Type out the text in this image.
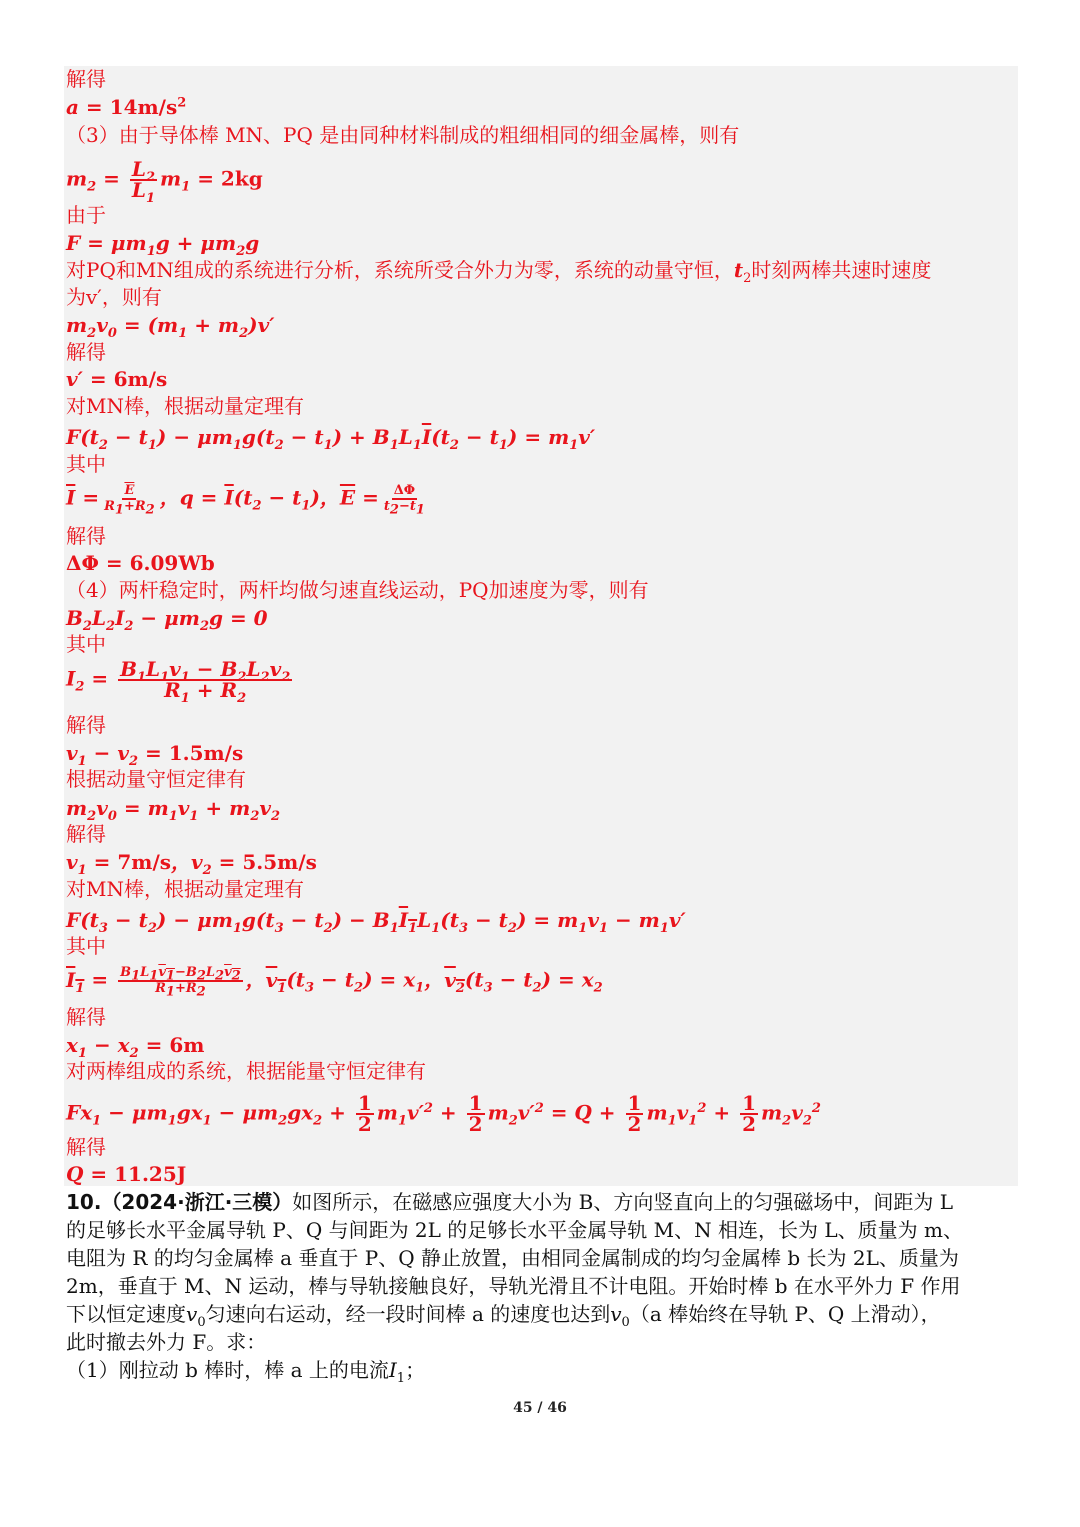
解得
$a = 14m/s^2$
（3）由于导体棒 MN、PQ 是由同种材料制成的粗细相同的细金属棒，则有
$m_2 = \frac{L_2}{L_1} m_1 = 2kg$
由于
$F = \mu m_1g + \mu m_2g$
对PQ和MN组成的系统进行分析，系统所受合外力为零，系统的动量守恒，$t_2$时刻两棒共速时速度
为v′，则有
$m_2v_0 = (m_1 + m_2)v'$
解得
v′ = 6m/s
对MN棒，根据动量定理有
$F(t_2 - t_1) - \mu m_1g(t_2 - t_1) + B_1L_1\overline{I}(t_2 - t_1) = m_1v'$
其中
$\overline{I} = \frac{\overline{E}}{R_1+R_2}$ ，$q = \overline{I}(t_2 - t_1)$，$\overline{E} = \frac{\Delta\Phi}{t_2-t_1}$
解得
ΔΦ = 6.09Wb
（4）两杆稳定时，两杆均做匀速直线运动，PQ加速度为零，则有
$B_2L_2I_2 - \mu m_2g = 0$
其中
$I_2 = \frac{B_1L_1v_1 - B_2L_2v_2}{R_1 + R_2}$
解得
$v_1 - v_2 = 1.5m/s$
根据动量守恒定律有
$m_2v_0 = m_1v_1 + m_2v_2$
解得
$v_1 = 7m/s$，$v_2 = 5.5m/s$
对MN棒，根据动量定理有
$F(t_3 - t_2) - \mu m_1g(t_3 - t_2) - B_1I_1L_1(t_3 - t_2) = m_1v_1 - m_1v'$
其中
$I_1 = \frac{B_1L_1v_1-B_2L_2v_2}{R_1+R_2}$ ，$v_1(t_3 - t_2) = x_1$，$v_2(t_3 - t_2) = x_2$
解得
$x_1 - x_2 = 6m$
对两棒组成的系统，根据能量守恒定律有
$Fx_1 - \mu m_1gx_1 - \mu m_2gx_2 + \frac{1}{2} m_1v'^2 + \frac{1}{2} m_2v'^2 = Q + \frac{1}{2} m_1v_1^2 + \frac{1}{2} m_2v_2^2$
解得
Q = 11.25J
10.（2024·浙江·三模）如图所示，在磁感应强度大小为 B、方向竖直向上的匀强磁场中，间距为 L
的足够长水平金属导轨 P、Q 与间距为 2L 的足够长水平金属导轨 M、N 相连，长为 L、质量为 m、
电阻为 R 的均匀金属棒 a 垂直于 P、Q 静止放置，由相同金属制成的均匀金属棒 b 长为 2L、质量为
2m，垂直于 M、N 运动，棒与导轨接触良好，导轨光滑且不计电阻。开始时棒 b 在水平外力 F 作用
下以恒定速度$v_0$匀速向右运动，经一段时间棒 a 的速度也达到$v_0(a$ 棒始终在导轨 P、Q 上滑动），
此时撤去外力 F。求：
（1）刚拉动 b 棒时，棒 a 上的电流$I_1$；
45 / 46
